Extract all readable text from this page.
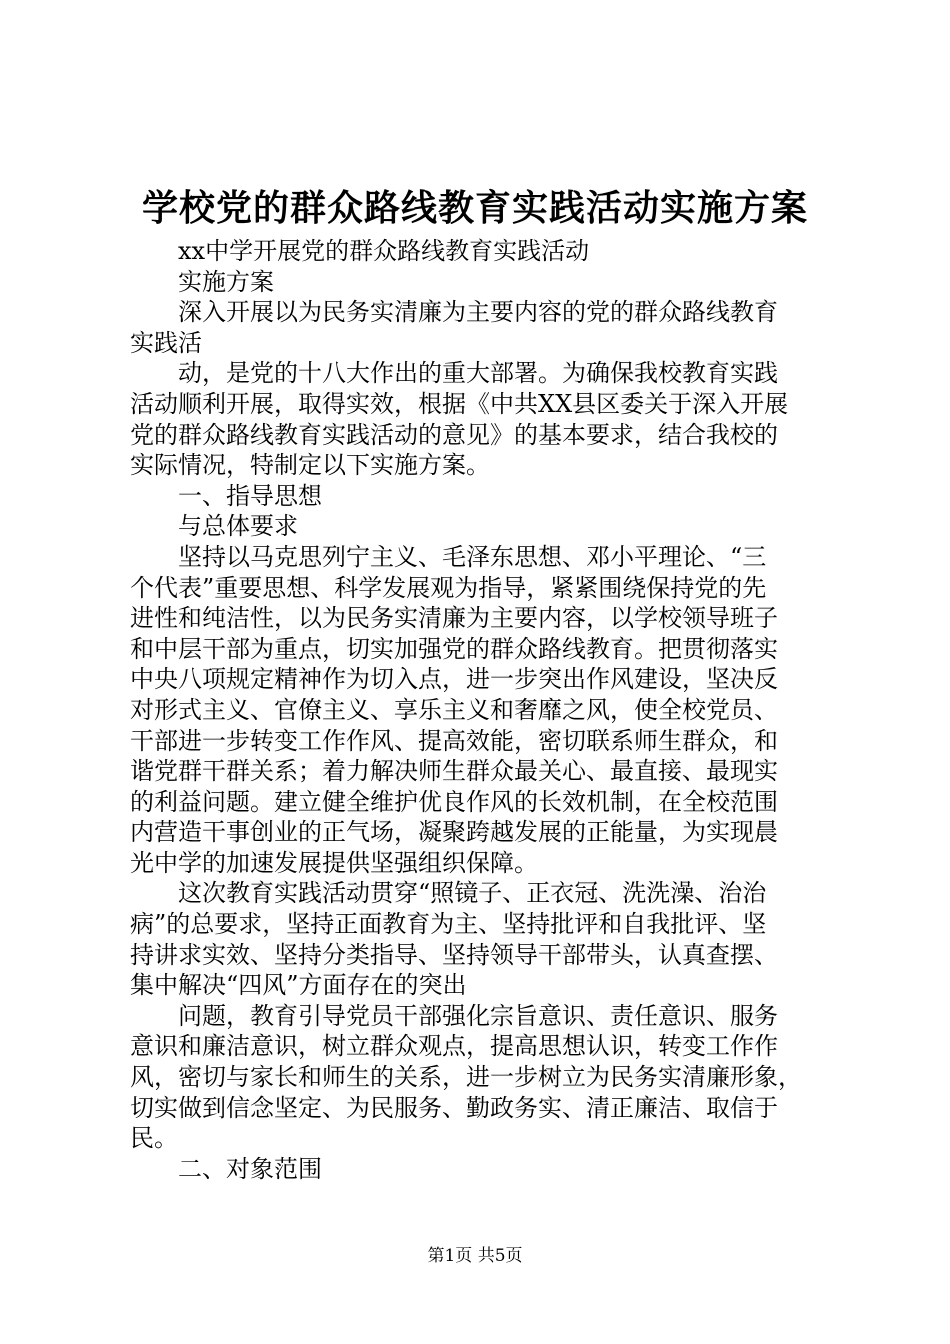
学校党的群众路线教育实践活动实施方案
xx中学开展党的群众路线教育实践活动
实施方案
深入开展以为民务实清廉为主要内容的党的群众路线教育
实践活
动，是党的十八大作出的重大部署。为确保我校教育实践
活动顺利开展，取得实效，根据《中共XX县区委关于深入开展
党的群众路线教育实践活动的意见》的基本要求，结合我校的
实际情况，特制定以下实施方案。
一、指导思想
与总体要求
坚持以马克思列宁主义、毛泽东思想、邓小平理论、“三
个代表”重要思想、科学发展观为指导，紧紧围绕保持党的先
进性和纯洁性，以为民务实清廉为主要内容，以学校领导班子
和中层干部为重点，切实加强党的群众路线教育。把贯彻落实
中央八项规定精神作为切入点，进一步突出作风建设，坚决反
对形式主义、官僚主义、享乐主义和奢靡之风，使全校党员、
干部进一步转变工作作风、提高效能，密切联系师生群众，和
谐党群干群关系；着力解决师生群众最关心、最直接、最现实
的利益问题。建立健全维护优良作风的长效机制，在全校范围
内营造干事创业的正气场，凝聚跨越发展的正能量，为实现晨
光中学的加速发展提供坚强组织保障。
这次教育实践活动贯穿“照镜子、正衣冠、洗洗澡、治治
病”的总要求，坚持正面教育为主、坚持批评和自我批评、坚
持讲求实效、坚持分类指导、坚持领导干部带头，认真查摆、
集中解决“四风”方面存在的突出
问题，教育引导党员干部强化宗旨意识、责任意识、服务
意识和廉洁意识，树立群众观点，提高思想认识，转变工作作
风，密切与家长和师生的关系，进一步树立为民务实清廉形象，
切实做到信念坚定、为民服务、勤政务实、清正廉洁、取信于
民。
二、对象范围
第1页 共5页
